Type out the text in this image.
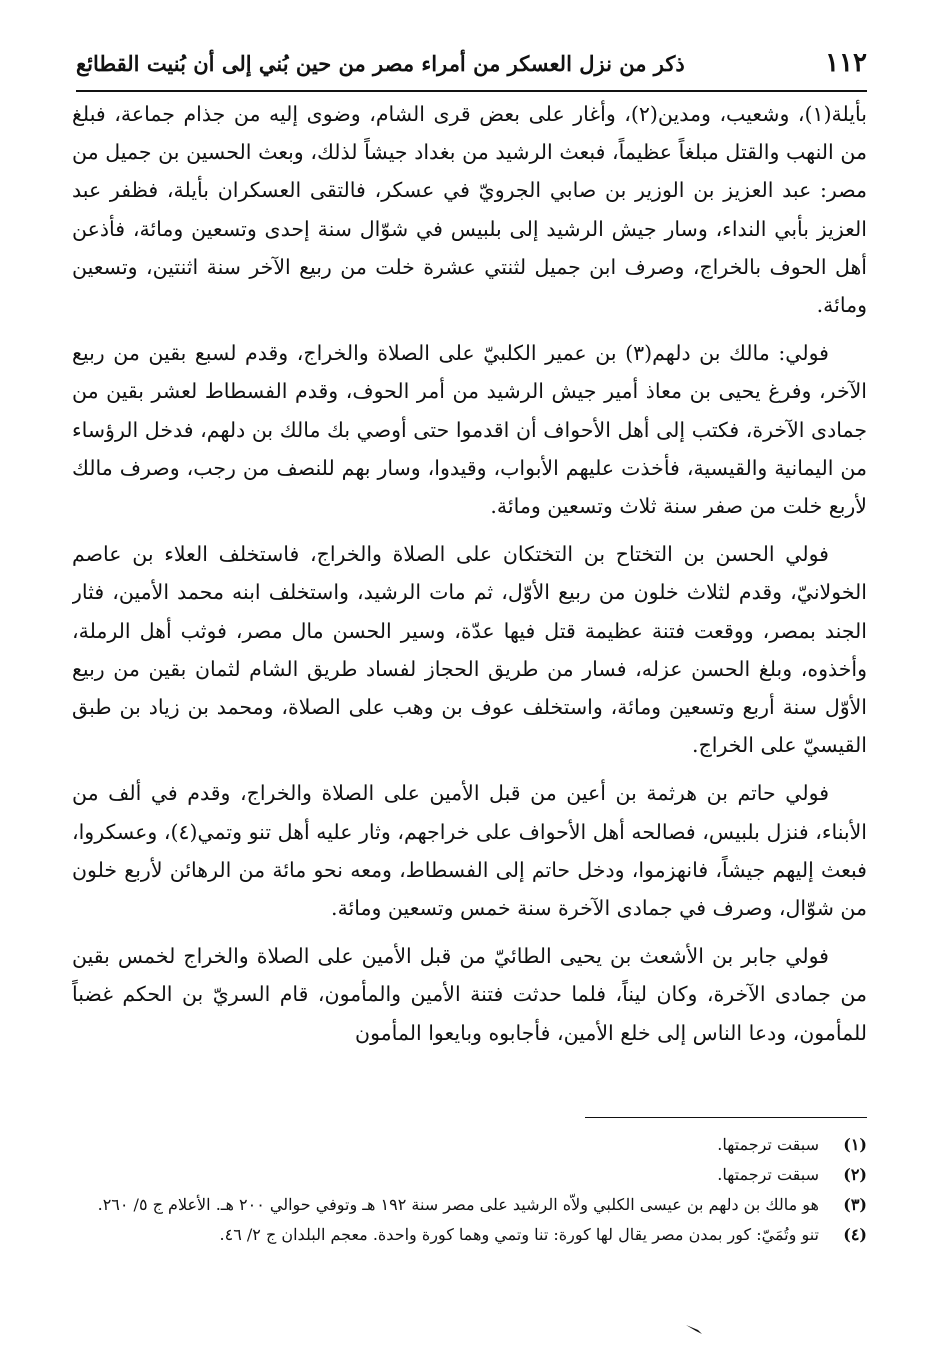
١١٢
ذكر من نزل العسكر من أمراء مصر من حين بُني إلى أن بُنيت القطائع

بأيلة(١)، وشعيب، ومدين(٢)، وأغار على بعض قرى الشام، وضوى إليه من جذام جماعة، فبلغ من النهب والقتل مبلغاً عظيماً، فبعث الرشيد من بغداد جيشاً لذلك، وبعث الحسين بن جميل من مصر: عبد العزيز بن الوزير بن صابي الجرويّ في عسكر، فالتقى العسكران بأيلة، فظفر عبد العزيز بأبي النداء، وسار جيش الرشيد إلى بلبيس في شوّال سنة إحدى وتسعين ومائة، فأذعن أهل الحوف بالخراج، وصرف ابن جميل لثنتي عشرة خلت من ربيع الآخر سنة اثنتين، وتسعين ومائة.

فولي: مالك بن دلهم(٣) بن عمير الكلبيّ على الصلاة والخراج، وقدم لسبع بقين من ربيع الآخر، وفرغ يحيى بن معاذ أمير جيش الرشيد من أمر الحوف، وقدم الفسطاط لعشر بقين من جمادى الآخرة، فكتب إلى أهل الأحواف أن اقدموا حتى أوصي بك مالك بن دلهم، فدخل الرؤساء من اليمانية والقيسية، فأخذت عليهم الأبواب، وقيدوا، وسار بهم للنصف من رجب، وصرف مالك لأربع خلت من صفر سنة ثلاث وتسعين ومائة.

فولي الحسن بن التختاح بن التختكان على الصلاة والخراج، فاستخلف العلاء بن عاصم الخولانيّ، وقدم لثلاث خلون من ربيع الأوّل، ثم مات الرشيد، واستخلف ابنه محمد الأمين، فثار الجند بمصر، ووقعت فتنة عظيمة قتل فيها عدّة، وسير الحسن مال مصر، فوثب أهل الرملة، وأخذوه، وبلغ الحسن عزله، فسار من طريق الحجاز لفساد طريق الشام لثمان بقين من ربيع الأوّل سنة أربع وتسعين ومائة، واستخلف عوف بن وهب على الصلاة، ومحمد بن زياد بن طبق القيسيّ على الخراج.

فولي حاتم بن هرثمة بن أعين من قبل الأمين على الصلاة والخراج، وقدم في ألف من الأبناء، فنزل بلبيس، فصالحه أهل الأحواف على خراجهم، وثار عليه أهل تنو وتمي(٤)، وعسكروا، فبعث إليهم جيشاً، فانهزموا، ودخل حاتم إلى الفسطاط، ومعه نحو مائة من الرهائن لأربع خلون من شوّال، وصرف في جمادى الآخرة سنة خمس وتسعين ومائة.

فولي جابر بن الأشعث بن يحيى الطائيّ من قبل الأمين على الصلاة والخراج لخمس بقين من جمادى الآخرة، وكان ليناً، فلما حدثت فتنة الأمين والمأمون، قام السريّ بن الحكم غضباً للمأمون، ودعا الناس إلى خلع الأمين، فأجابوه وبايعوا المأمون

(١)
سبقت ترجمتها.
(٢)
سبقت ترجمتها.
(٣)
هو مالك بن دلهم بن عيسى الكلبي ولاّه الرشيد على مصر سنة ١٩٢ هـ وتوفي حوالي ٢٠٠ هـ. الأعلام ج ٥/ ٢٦٠.
(٤)
تنو وتُمَيّ: كور بمدن مصر يقال لها كورة: تنا وتمي وهما كورة واحدة. معجم البلدان ج ٢/ ٤٦.
